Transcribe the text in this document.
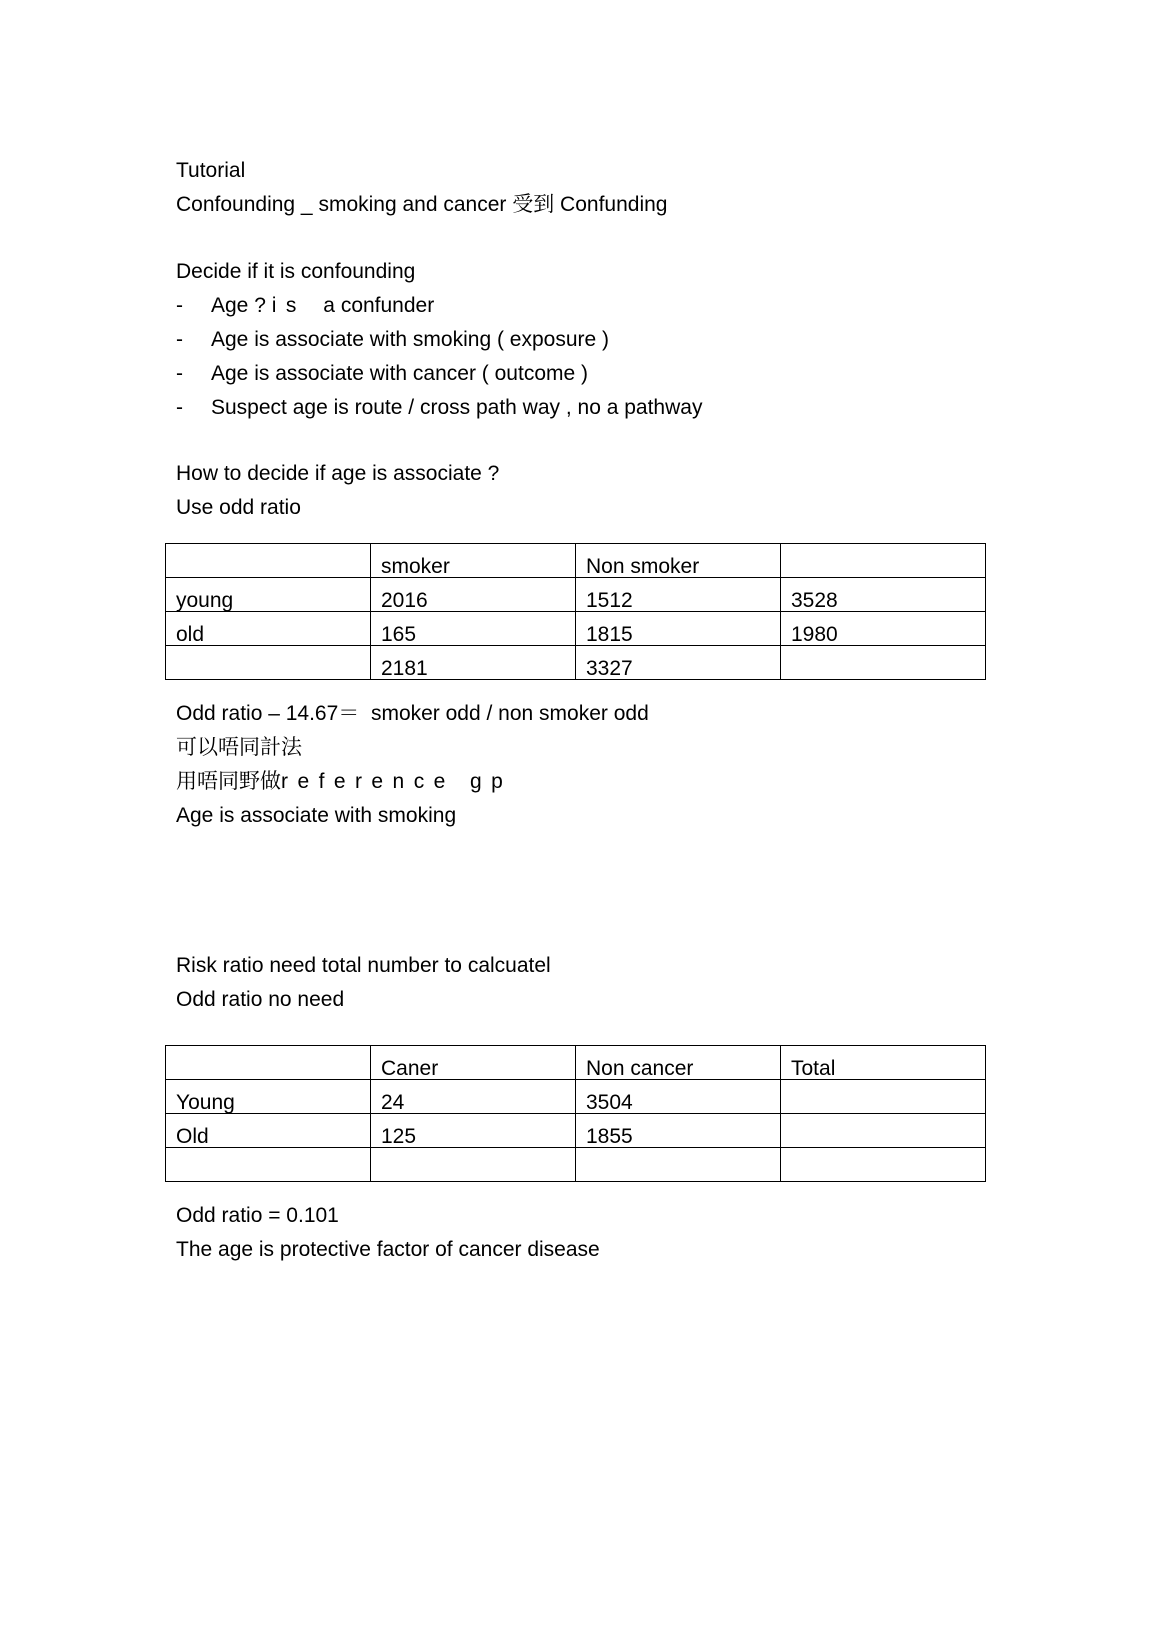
Tutorial
Confounding _ smoking and cancer 受到 Confunding
Decide if it is confounding
- Age ? is   a confunder
- Age is associate with smoking ( exposure )
- Age is associate with cancer ( outcome )
- Suspect age is route / cross path way , no a pathway
How to decide if age is associate ?
Use odd ratio
	smoker	Non smoker	
young	2016	1512	3528
old	165	1815	1980
	2181	3327	
Odd ratio – 14.67＝  smoker odd / non smoker odd
可以唔同計法
用唔同野做reference gp
Age is associate with smoking
Risk ratio need total number to calcuatel
Odd ratio no need
	Caner	Non cancer	Total
Young	24	3504	
Old	125	1855	

Odd ratio = 0.101
The age is protective factor of cancer disease
